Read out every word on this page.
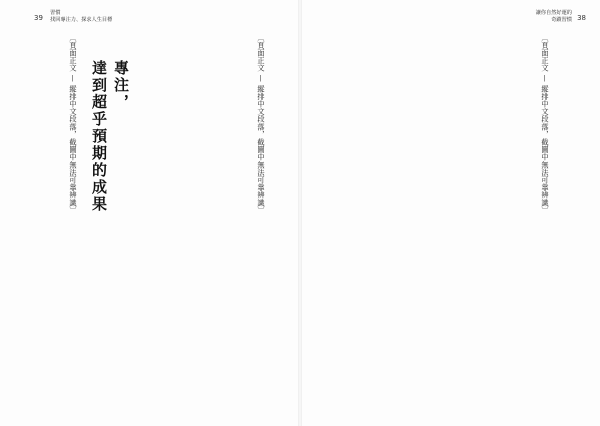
39
習慣
找回專注力、探求人生目標
〔頁面正文 — 縱排中文段落，截圖中無法可靠辨識〕
專注，
達到超乎預期的成果
〔頁面正文 — 縱排中文段落，截圖中無法可靠辨識〕
38
讓你自然好運的
奇蹟習慣
〔頁面正文 — 縱排中文段落，截圖中無法可靠辨識〕
